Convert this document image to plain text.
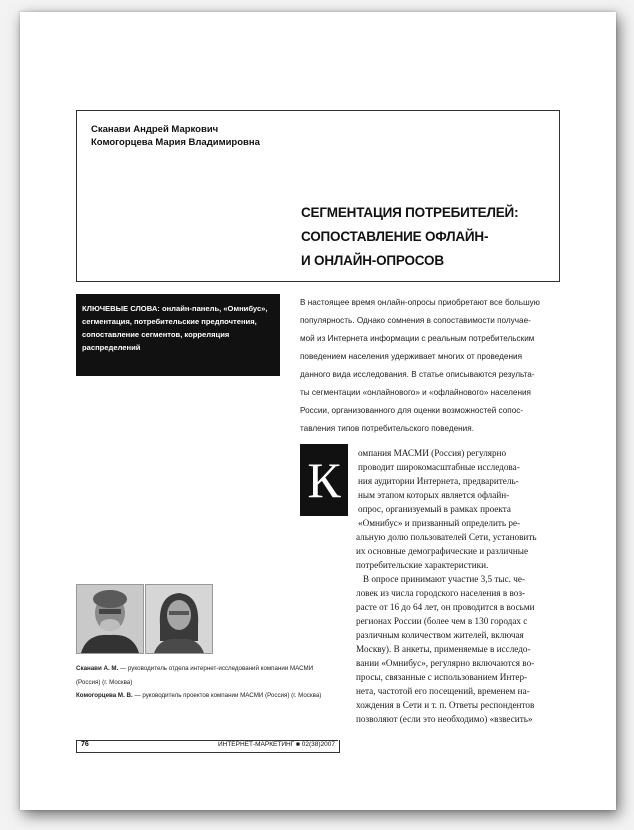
Сканави Андрей Маркович
Комогорцева Мария Владимировна
СЕГМЕНТАЦИЯ ПОТРЕБИТЕЛЕЙ:
СОПОСТАВЛЕНИЕ ОФЛАЙН-
И ОНЛАЙН-ОПРОСОВ
КЛЮЧЕВЫЕ СЛОВА: онлайн-панель, «Омнибус», сегментация, потребительские предпочтения, сопоставление сегментов, корреляция распределений
В настоящее время онлайн-опросы приобретают все большую
популярность. Однако сомнения в сопоставимости получае-
мой из Интернета информации с реальным потребительским
поведением населения удерживает многих от проведения
данного вида исследования. В статье описываются результа-
ты сегментации «онлайнового» и «офлайнового» населения
России, организованного для оценки возможностей сопос-
тавления типов потребительского поведения.
К	омпания МАСМИ (Россия) регулярно
проводит широкомасштабные исследова-
ния аудитории Интернета, предваритель-
ным этапом которых является офлайн-
опрос, организуемый в рамках проекта
«Омнибус» и призванный определить ре-
альную долю пользователей Сети, установить
их основные демографические и различные
потребительские характеристики.
В опросе принимают участие 3,5 тыс. че-
ловек из числа городского населения в воз-
расте от 16 до 64 лет, он проводится в восьми
регионах России (более чем в 130 городах с
различным количеством жителей, включая
Москву). В анкеты, применяемые в исследо-
вании «Омнибус», регулярно включаются во-
просы, связанные с использованием Интер-
нета, частотой его посещений, временем на-
хождения в Сети и т. п. Ответы респондентов
позволяют (если это необходимо) «взвесить»
Сканави А. М. — руководитель отдела интернет-исследований компании МАСМИ
(Россия) (г. Москва)
Комогорцева М. В. — руководитель проектов компании МАСМИ (Россия) (г. Москва)
76	ИНТЕРНЕТ-МАРКЕТИНГ ■ 02(38)2007
